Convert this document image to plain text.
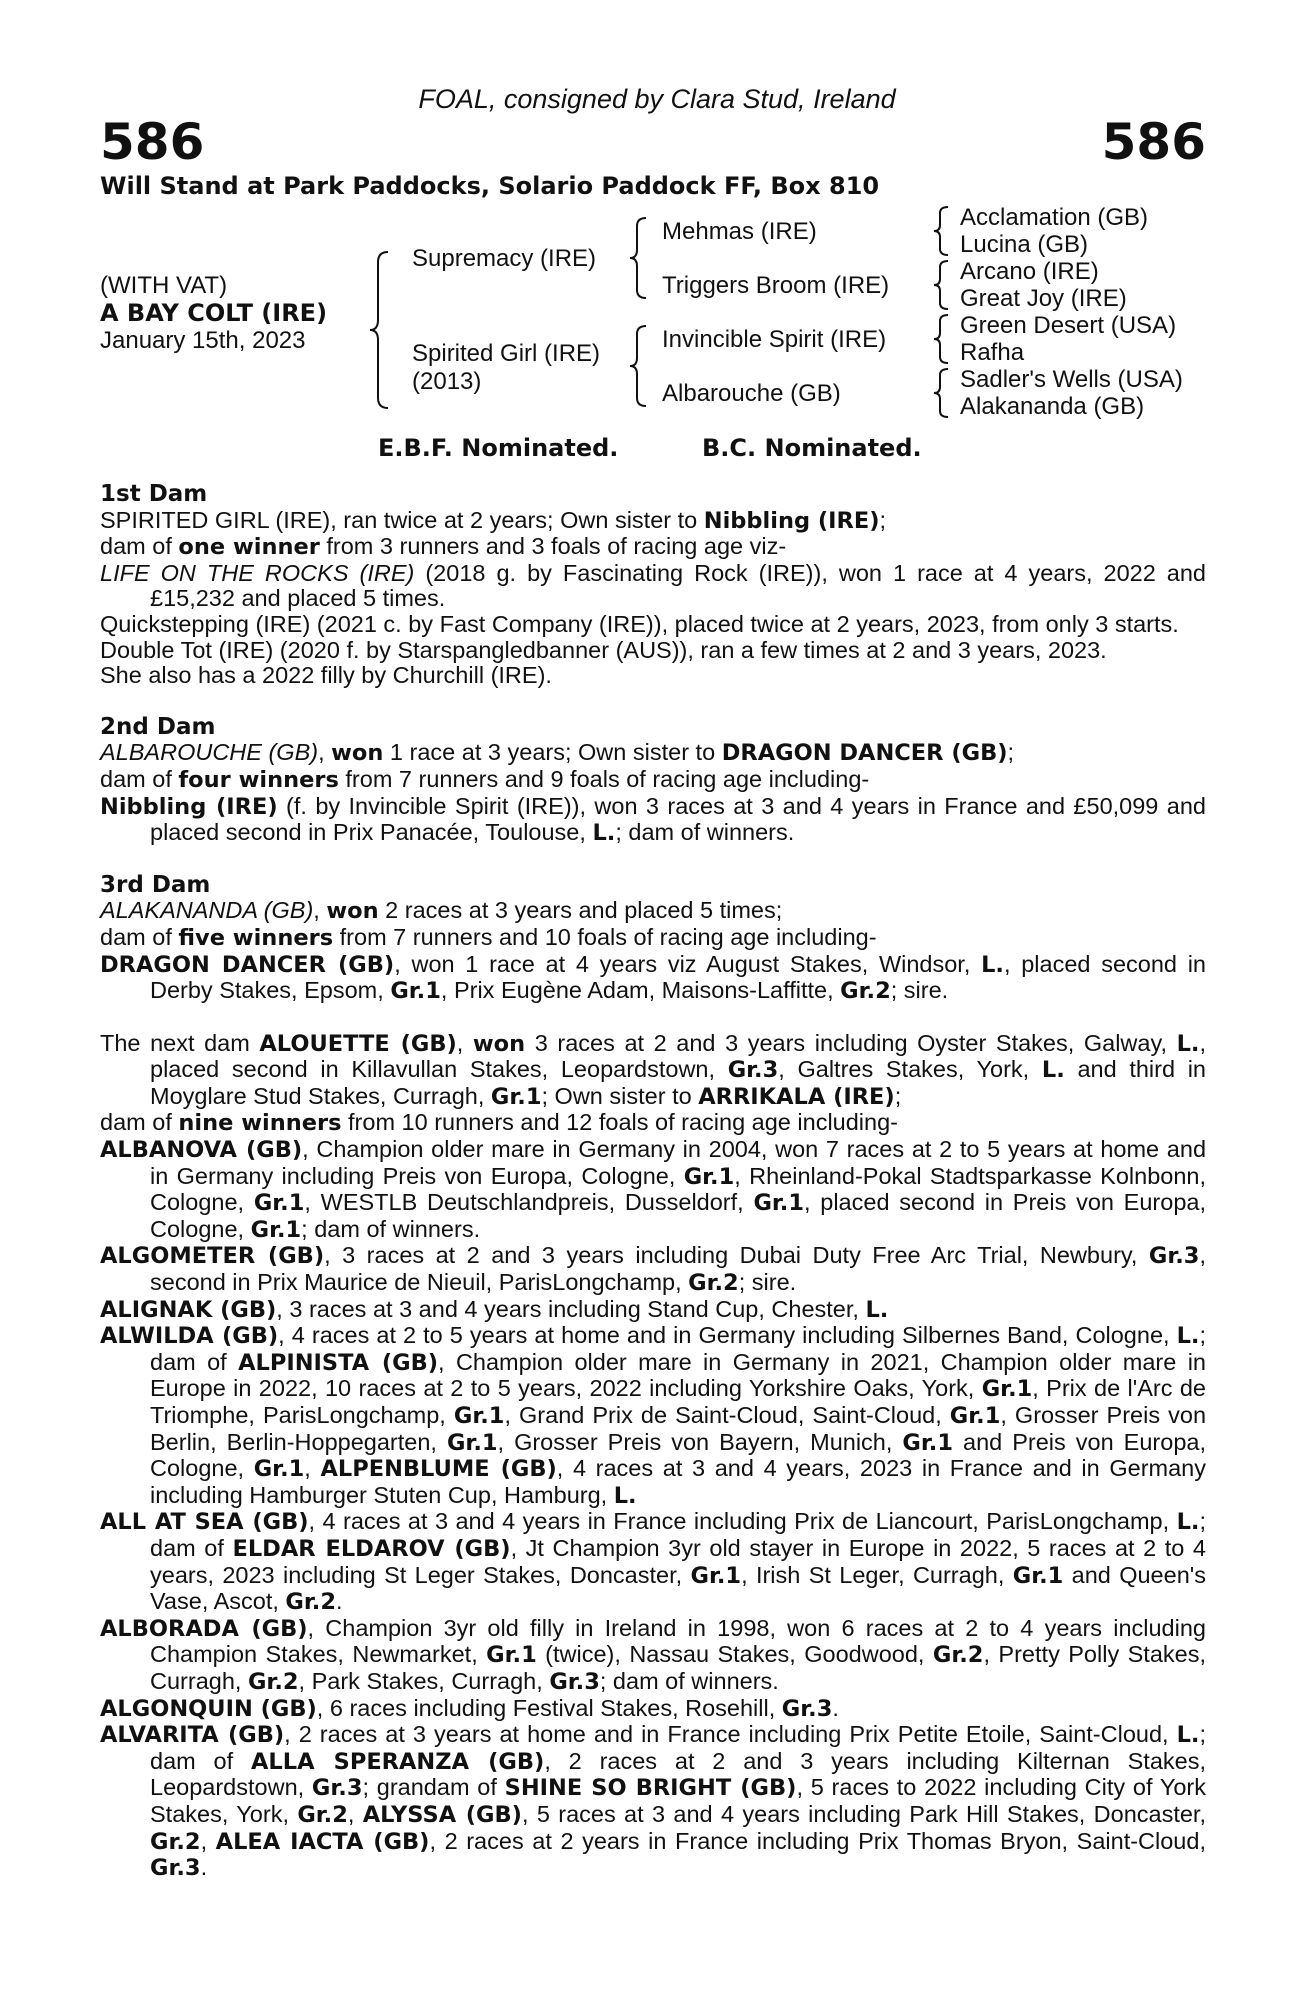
586	586
FOAL, consigned by Clara Stud, Ireland
Will Stand at Park Paddocks, Solario Paddock FF, Box 810
(WITH VAT)
A BAY COLT (IRE)
January 15th, 2023
Supremacy (IRE)
Spirited Girl (IRE)
(2013)
Mehmas (IRE)
Triggers Broom (IRE)
Invincible Spirit (IRE)
Albarouche (GB)
Acclamation (GB)
Lucina (GB)
Arcano (IRE)
Great Joy (IRE)
Green Desert (USA)
Rafha
Sadler's Wells (USA)
Alakananda (GB)
E.B.F. Nominated.	B.C. Nominated.

1st Dam

SPIRITED GIRL (IRE), ran twice at 2 years; Own sister to Nibbling (IRE);

dam of one winner from 3 runners and 3 foals of racing age viz-

LIFE ON THE ROCKS (IRE) (2018 g. by Fascinating Rock (IRE)), won 1 race at 4 years, 2022 and £15,232 and placed 5 times.

Quickstepping (IRE) (2021 c. by Fast Company (IRE)), placed twice at 2 years, 2023, from only 3 starts.

Double Tot (IRE) (2020 f. by Starspangledbanner (AUS)), ran a few times at 2 and 3 years, 2023.

She also has a 2022 filly by Churchill (IRE).

2nd Dam

ALBAROUCHE (GB), won 1 race at 3 years; Own sister to DRAGON DANCER (GB);

dam of four winners from 7 runners and 9 foals of racing age including-

Nibbling (IRE) (f. by Invincible Spirit (IRE)), won 3 races at 3 and 4 years in France and £50,099 and placed second in Prix Panacée, Toulouse, L.; dam of winners.

3rd Dam

ALAKANANDA (GB), won 2 races at 3 years and placed 5 times;

dam of five winners from 7 runners and 10 foals of racing age including-

DRAGON DANCER (GB), won 1 race at 4 years viz August Stakes, Windsor, L., placed second in Derby Stakes, Epsom, Gr.1, Prix Eugène Adam, Maisons-Laffitte, Gr.2; sire.

The next dam ALOUETTE (GB), won 3 races at 2 and 3 years including Oyster Stakes, Galway, L., placed second in Killavullan Stakes, Leopardstown, Gr.3, Galtres Stakes, York, L. and third in Moyglare Stud Stakes, Curragh, Gr.1; Own sister to ARRIKALA (IRE);

dam of nine winners from 10 runners and 12 foals of racing age including-

ALBANOVA (GB), Champion older mare in Germany in 2004, won 7 races at 2 to 5 years at home and in Germany including Preis von Europa, Cologne, Gr.1, Rheinland-Pokal Stadtsparkasse Kolnbonn, Cologne, Gr.1, WESTLB Deutschlandpreis, Dusseldorf, Gr.1, placed second in Preis von Europa, Cologne, Gr.1; dam of winners.

ALGOMETER (GB), 3 races at 2 and 3 years including Dubai Duty Free Arc Trial, Newbury, Gr.3, second in Prix Maurice de Nieuil, ParisLongchamp, Gr.2; sire.

ALIGNAK (GB), 3 races at 3 and 4 years including Stand Cup, Chester, L.

ALWILDA (GB), 4 races at 2 to 5 years at home and in Germany including Silbernes Band, Cologne, L.; dam of ALPINISTA (GB), Champion older mare in Germany in 2021, Champion older mare in Europe in 2022, 10 races at 2 to 5 years, 2022 including Yorkshire Oaks, York, Gr.1, Prix de l'Arc de Triomphe, ParisLongchamp, Gr.1, Grand Prix de Saint-Cloud, Saint-Cloud, Gr.1, Grosser Preis von Berlin, Berlin-Hoppegarten, Gr.1, Grosser Preis von Bayern, Munich, Gr.1 and Preis von Europa, Cologne, Gr.1, ALPENBLUME (GB), 4 races at 3 and 4 years, 2023 in France and in Germany including Hamburger Stuten Cup, Hamburg, L.

ALL AT SEA (GB), 4 races at 3 and 4 years in France including Prix de Liancourt, ParisLongchamp, L.; dam of ELDAR ELDAROV (GB), Jt Champion 3yr old stayer in Europe in 2022, 5 races at 2 to 4 years, 2023 including St Leger Stakes, Doncaster, Gr.1, Irish St Leger, Curragh, Gr.1 and Queen's Vase, Ascot, Gr.2.

ALBORADA (GB), Champion 3yr old filly in Ireland in 1998, won 6 races at 2 to 4 years including Champion Stakes, Newmarket, Gr.1 (twice), Nassau Stakes, Goodwood, Gr.2, Pretty Polly Stakes, Curragh, Gr.2, Park Stakes, Curragh, Gr.3; dam of winners.

ALGONQUIN (GB), 6 races including Festival Stakes, Rosehill, Gr.3.

ALVARITA (GB), 2 races at 3 years at home and in France including Prix Petite Etoile, Saint-Cloud, L.; dam of ALLA SPERANZA (GB), 2 races at 2 and 3 years including Kilternan Stakes, Leopardstown, Gr.3; grandam of SHINE SO BRIGHT (GB), 5 races to 2022 including City of York Stakes, York, Gr.2, ALYSSA (GB), 5 races at 3 and 4 years including Park Hill Stakes, Doncaster, Gr.2, ALEA IACTA (GB), 2 races at 2 years in France including Prix Thomas Bryon, Saint-Cloud, Gr.3.
